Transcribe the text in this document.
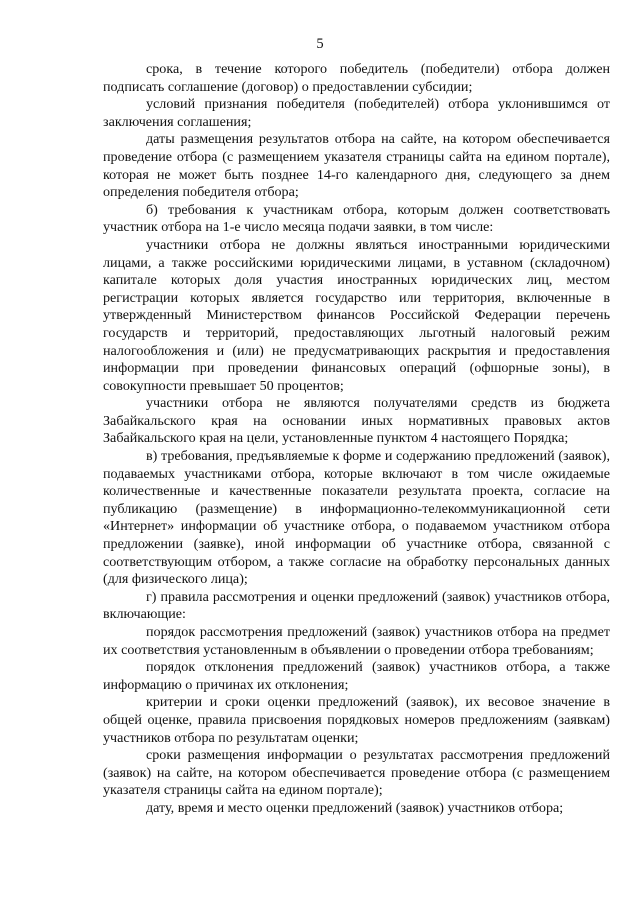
5

срока, в течение которого победитель (победители) отбора должен подписать соглашение (договор) о предоставлении субсидии;

условий признания победителя (победителей) отбора уклонившимся от заключения соглашения;

даты размещения результатов отбора на сайте, на котором обеспечивается проведение отбора (с размещением указателя страницы сайта на едином портале), которая не может быть позднее 14-го календарного дня, следующего за днем определения победителя отбора;

б) требования к участникам отбора, которым должен соответствовать участник отбора на 1-е число месяца подачи заявки, в том числе:

участники отбора не должны являться иностранными юридическими лицами, а также российскими юридическими лицами, в уставном (складочном) капитале которых доля участия иностранных юридических лиц, местом регистрации которых является государство или территория, включенные в утвержденный Министерством финансов Российской Федерации перечень государств и территорий, предоставляющих льготный налоговый режим налогообложения и (или) не предусматривающих раскрытия и предоставления информации при проведении финансовых операций (офшорные зоны), в совокупности превышает 50 процентов;

участники отбора не являются получателями средств из бюджета Забайкальского края на основании иных нормативных правовых актов Забайкальского края на цели, установленные пунктом 4 настоящего Порядка;

в) требования, предъявляемые к форме и содержанию предложений (заявок), подаваемых участниками отбора, которые включают в том числе ожидаемые количественные и качественные показатели результата проекта, согласие на публикацию (размещение) в информационно-телекоммуникационной сети «Интернет» информации об участнике отбора, о подаваемом участником отбора предложении (заявке), иной информации об участнике отбора, связанной с соответствующим отбором, а также согласие на обработку персональных данных (для физического лица);

г) правила рассмотрения и оценки предложений (заявок) участников отбора, включающие:

порядок рассмотрения предложений (заявок) участников отбора на предмет их соответствия установленным в объявлении о проведении отбора требованиям;

порядок отклонения предложений (заявок) участников отбора, а также информацию о причинах их отклонения;

критерии и сроки оценки предложений (заявок), их весовое значение в общей оценке, правила присвоения порядковых номеров предложениям (заявкам) участников отбора по результатам оценки;

сроки размещения информации о результатах рассмотрения предложений (заявок) на сайте, на котором обеспечивается проведение отбора (с размещением указателя страницы сайта на едином портале);

дату, время и место оценки предложений (заявок) участников отбора;
